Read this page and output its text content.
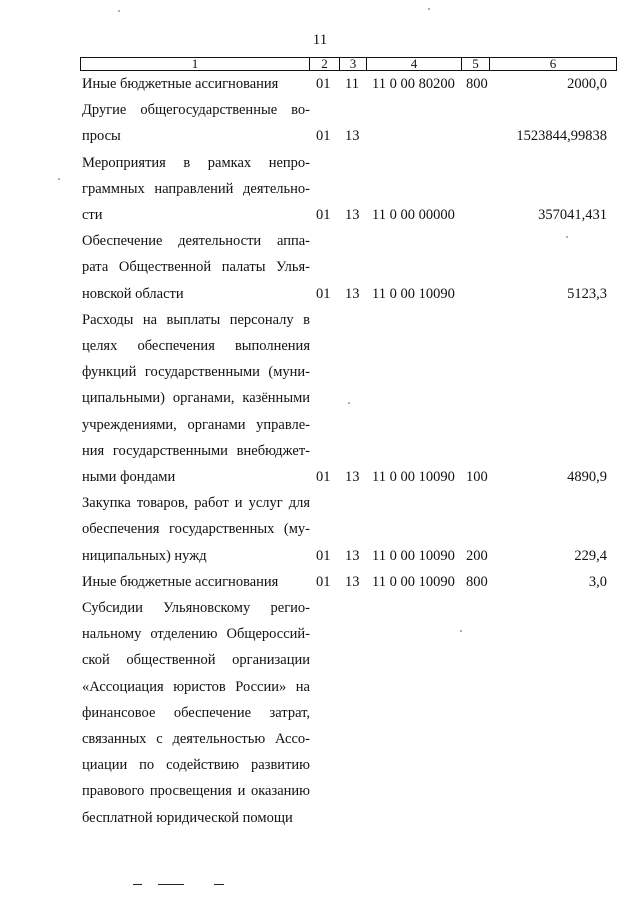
11
1	2	3	4	5	6
Иные бюджетные ассигнования	01 11 11 0 00 80200 800	2000,0
Другие общегосударственные во-
просы	01 13	1523844,99838
Мероприятия в рамках непро-
граммных направлений деятельно-
сти	01 13 11 0 00 00000	357041,431
Обеспечение деятельности аппа-
рата Общественной палаты Улья-
новской области	01 13 11 0 00 10090	5123,3
Расходы на выплаты персоналу в
целях обеспечения выполнения
функций государственными (муни-
ципальными) органами, казёнными
учреждениями, органами управле-
ния государственными внебюджет-
ными фондами	01 13 11 0 00 10090 100	4890,9
Закупка товаров, работ и услуг для
обеспечения государственных (му-
ниципальных) нужд	01 13 11 0 00 10090 200	229,4
Иные бюджетные ассигнования	01 13 11 0 00 10090 800	3,0
Субсидии Ульяновскому регио-
нальному отделению Общероссий-
ской общественной организации
«Ассоциация юристов России» на
финансовое обеспечение затрат,
связанных с деятельностью Ассо-
циации по содействию развитию
правового просвещения и оказанию
бесплатной юридической помощи
